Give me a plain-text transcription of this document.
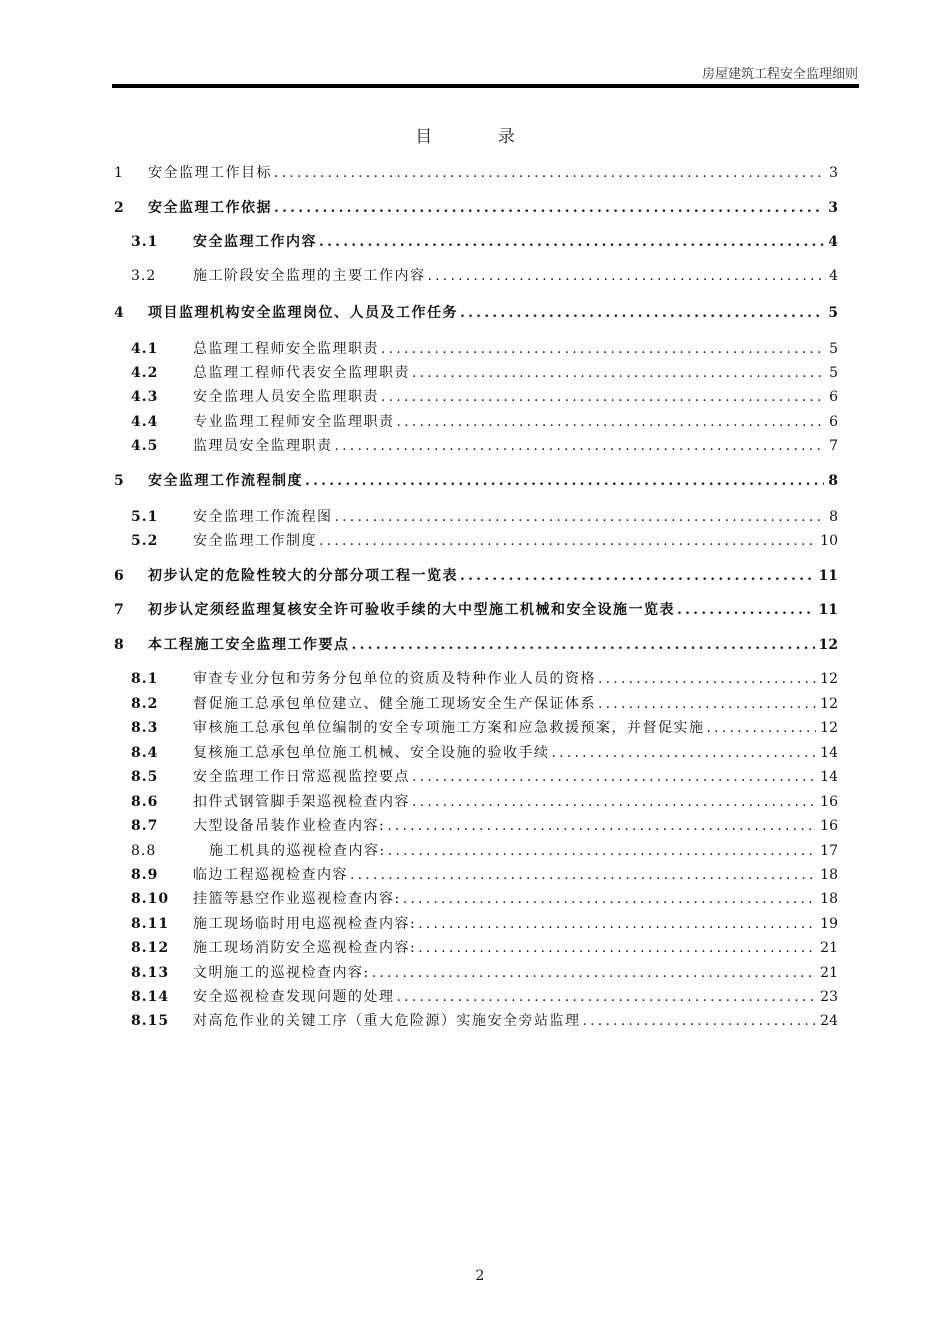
房屋建筑工程安全监理细则
目 录
1	安全监理工作目标 .....	3
2	安全监理工作依据 .....	3
3.1	安全监理工作内容 .....	4
3.2	施工阶段安全监理的主要工作内容 .....	4
4	项目监理机构安全监理岗位、人员及工作任务 .....	5
4.1	总监理工程师安全监理职责 .....	5
4.2	总监理工程师代表安全监理职责 .....	5
4.3	安全监理人员安全监理职责 .....	6
4.4	专业监理工程师安全监理职责 .....	6
4.5	监理员安全监理职责 .....	7
5	安全监理工作流程制度 .....	8
5.1	安全监理工作流程图 .....	8
5.2	安全监理工作制度 .....	10
6	初步认定的危险性较大的分部分项工程一览表 .....	11
7	初步认定须经监理复核安全许可验收手续的大中型施工机械和安全设施一览表 .....	11
8	本工程施工安全监理工作要点 .....	12
8.1	审查专业分包和劳务分包单位的资质及特种作业人员的资格 .....	12
8.2	督促施工总承包单位建立、健全施工现场安全生产保证体系 .....	12
8.3	审核施工总承包单位编制的安全专项施工方案和应急救援预案，并督促实施 .....	12
8.4	复核施工总承包单位施工机械、安全设施的验收手续 .....	14
8.5	安全监理工作日常巡视监控要点 .....	14
8.6	扣件式钢管脚手架巡视检查内容 .....	16
8.7	大型设备吊装作业检查内容: .....	16
8.8	施工机具的巡视检查内容: .....	17
8.9	临边工程巡视检查内容 .....	18
8.10	挂篮等悬空作业巡视检查内容: .....	18
8.11	施工现场临时用电巡视检查内容: .....	19
8.12	施工现场消防安全巡视检查内容: .....	21
8.13	文明施工的巡视检查内容: .....	21
8.14	安全巡视检查发现问题的处理 .....	23
8.15	对高危作业的关键工序（重大危险源）实施安全旁站监理 .....	24
2
